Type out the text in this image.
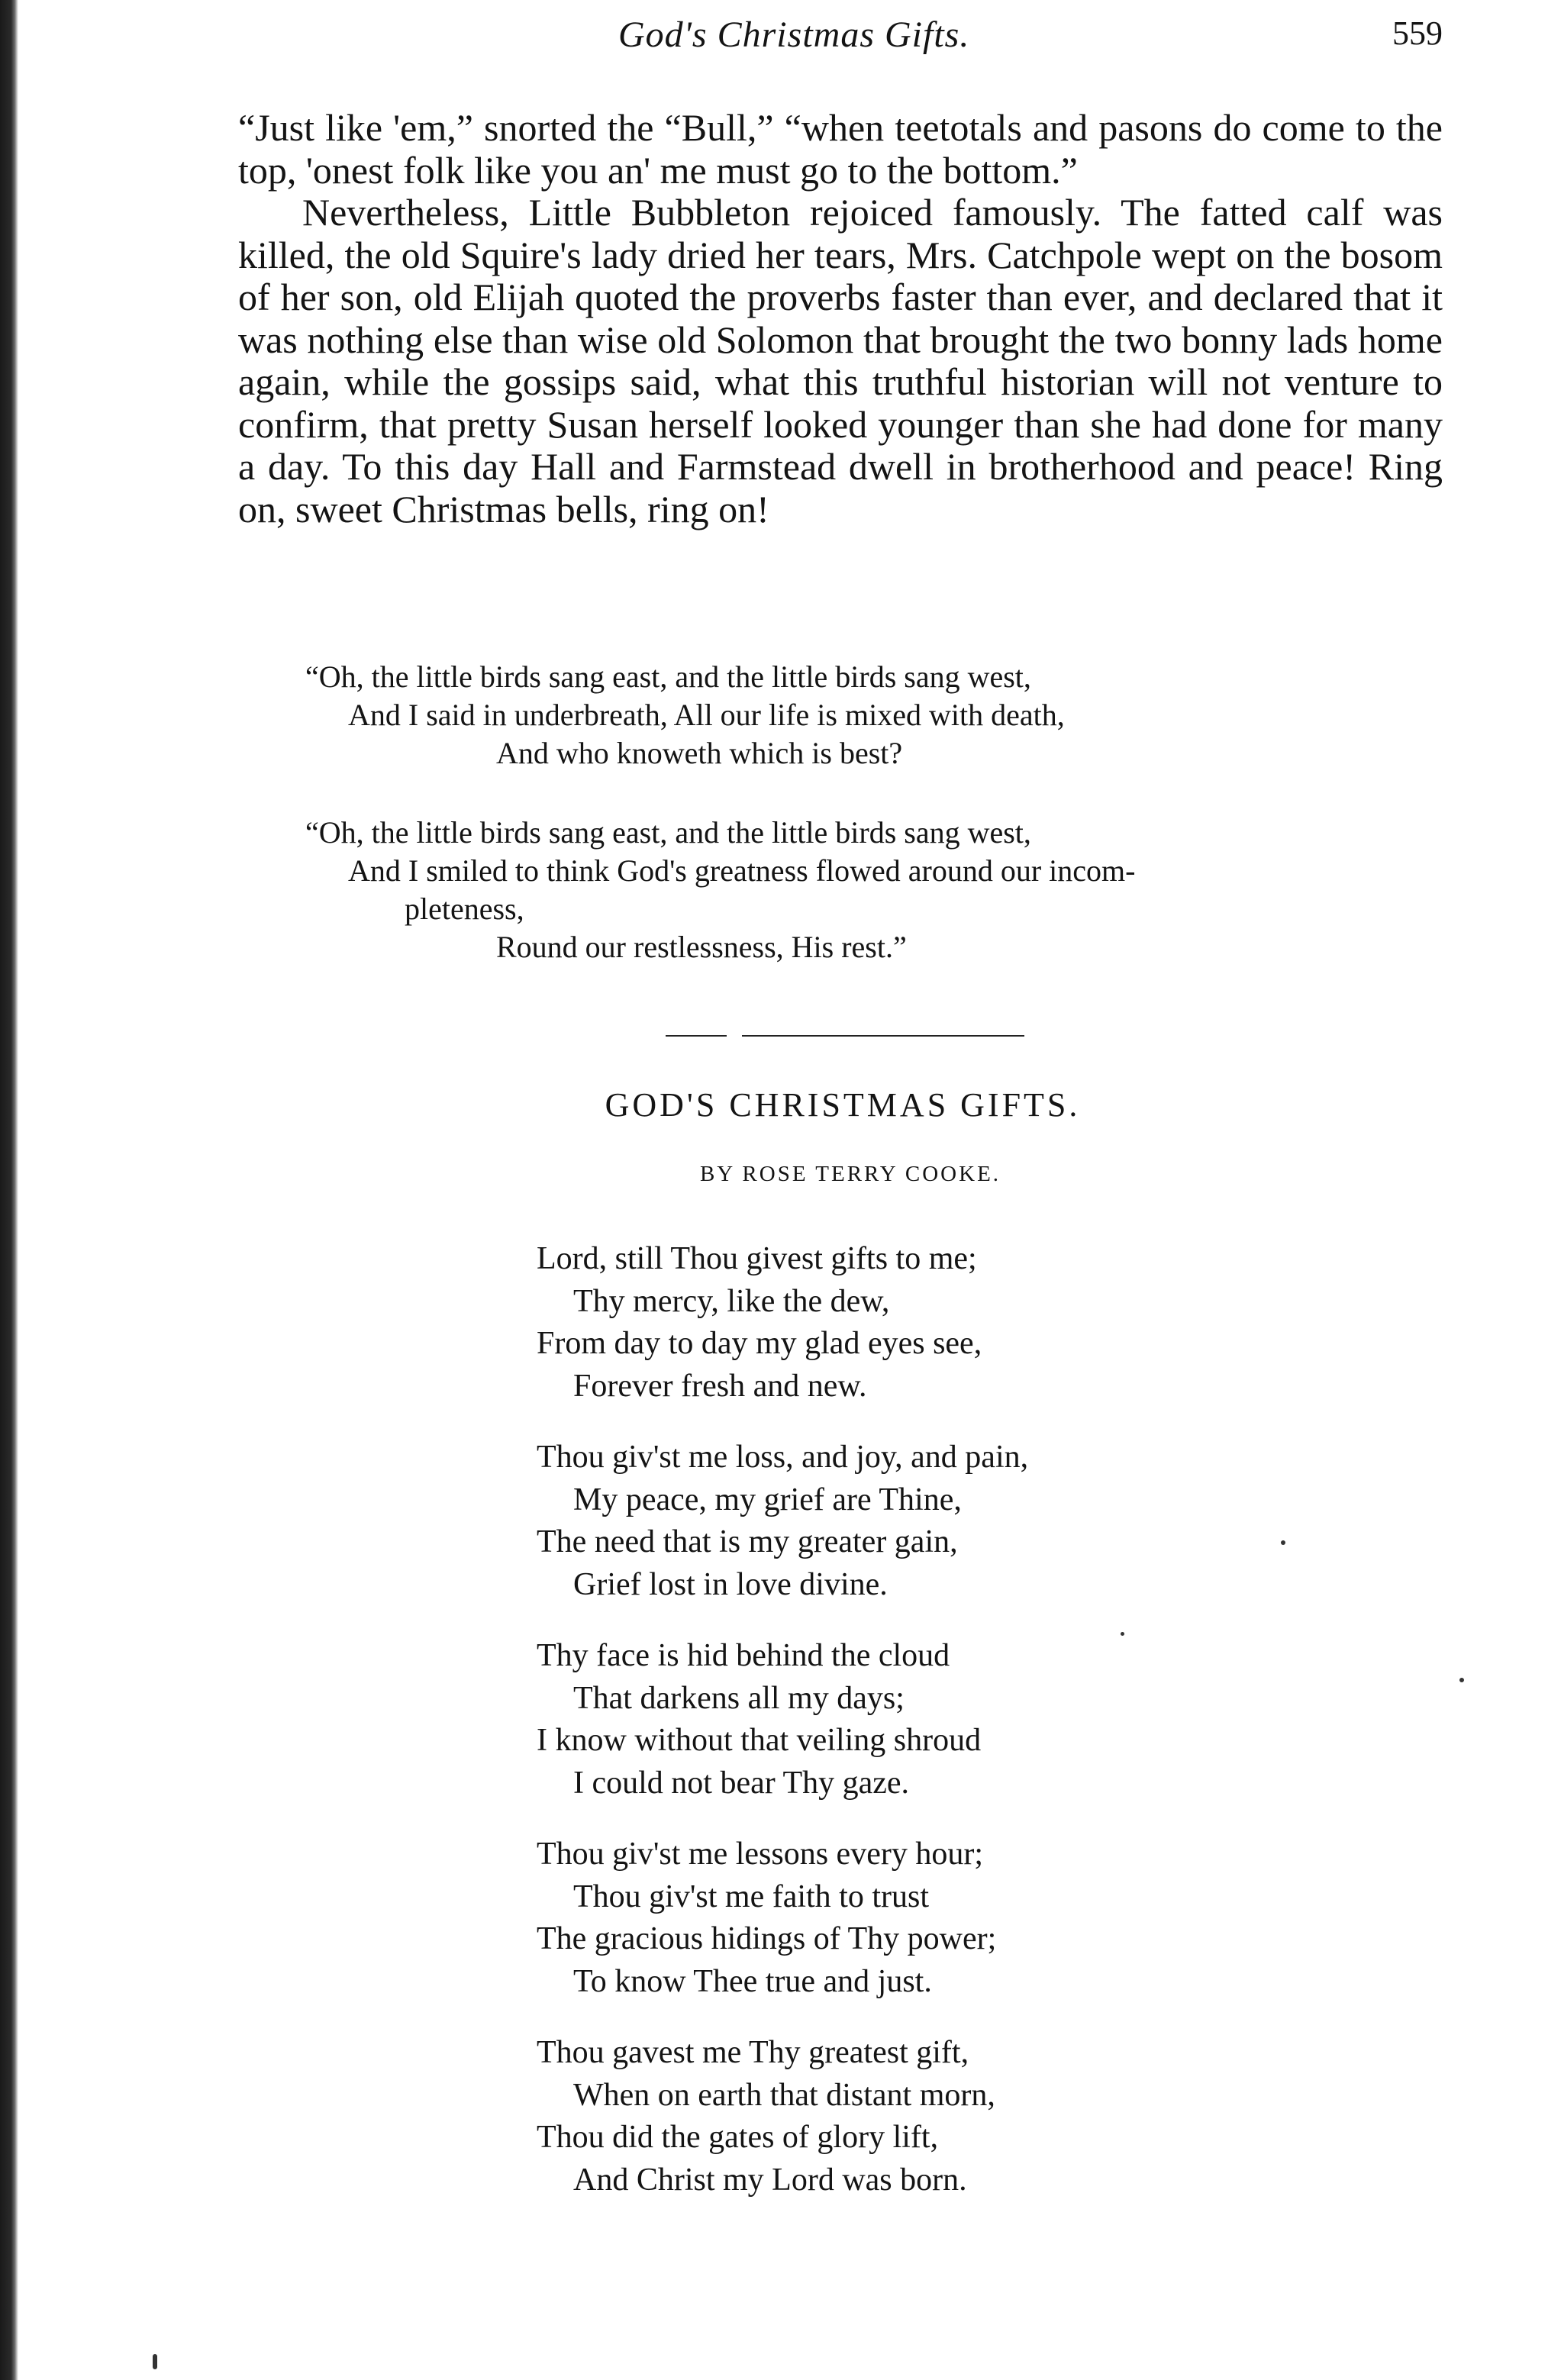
God's Christmas Gifts.	559

“Just like 'em,” snorted the “Bull,” “when teetotals and pasons do come to the top, 'onest folk like you an' me must go to the bottom.”

Nevertheless, Little Bubbleton rejoiced famously. The fatted calf was killed, the old Squire's lady dried her tears, Mrs. Catchpole wept on the bosom of her son, old Elijah quoted the proverbs faster than ever, and declared that it was nothing else than wise old Solomon that brought the two bonny lads home again, while the gossips said, what this truthful historian will not venture to confirm, that pretty Susan herself looked younger than she had done for many a day. To this day Hall and Farmstead dwell in brotherhood and peace! Ring on, sweet Christmas bells, ring on!

“Oh, the little birds sang east, and the little birds sang west,
And I said in underbreath, All our life is mixed with death,
And who knoweth which is best?
“Oh, the little birds sang east, and the little birds sang west,
And I smiled to think God's greatness flowed around our incom-
pleteness,
Round our restlessness, His rest.”
GOD'S CHRISTMAS GIFTS.
BY ROSE TERRY COOKE.
Lord, still Thou givest gifts to me;
Thy mercy, like the dew,
From day to day my glad eyes see,
Forever fresh and new.
Thou giv'st me loss, and joy, and pain,
My peace, my grief are Thine,
The need that is my greater gain,
Grief lost in love divine.
Thy face is hid behind the cloud
That darkens all my days;
I know without that veiling shroud
I could not bear Thy gaze.
Thou giv'st me lessons every hour;
Thou giv'st me faith to trust
The gracious hidings of Thy power;
To know Thee true and just.
Thou gavest me Thy greatest gift,
When on earth that distant morn,
Thou did the gates of glory lift,
And Christ my Lord was born.
